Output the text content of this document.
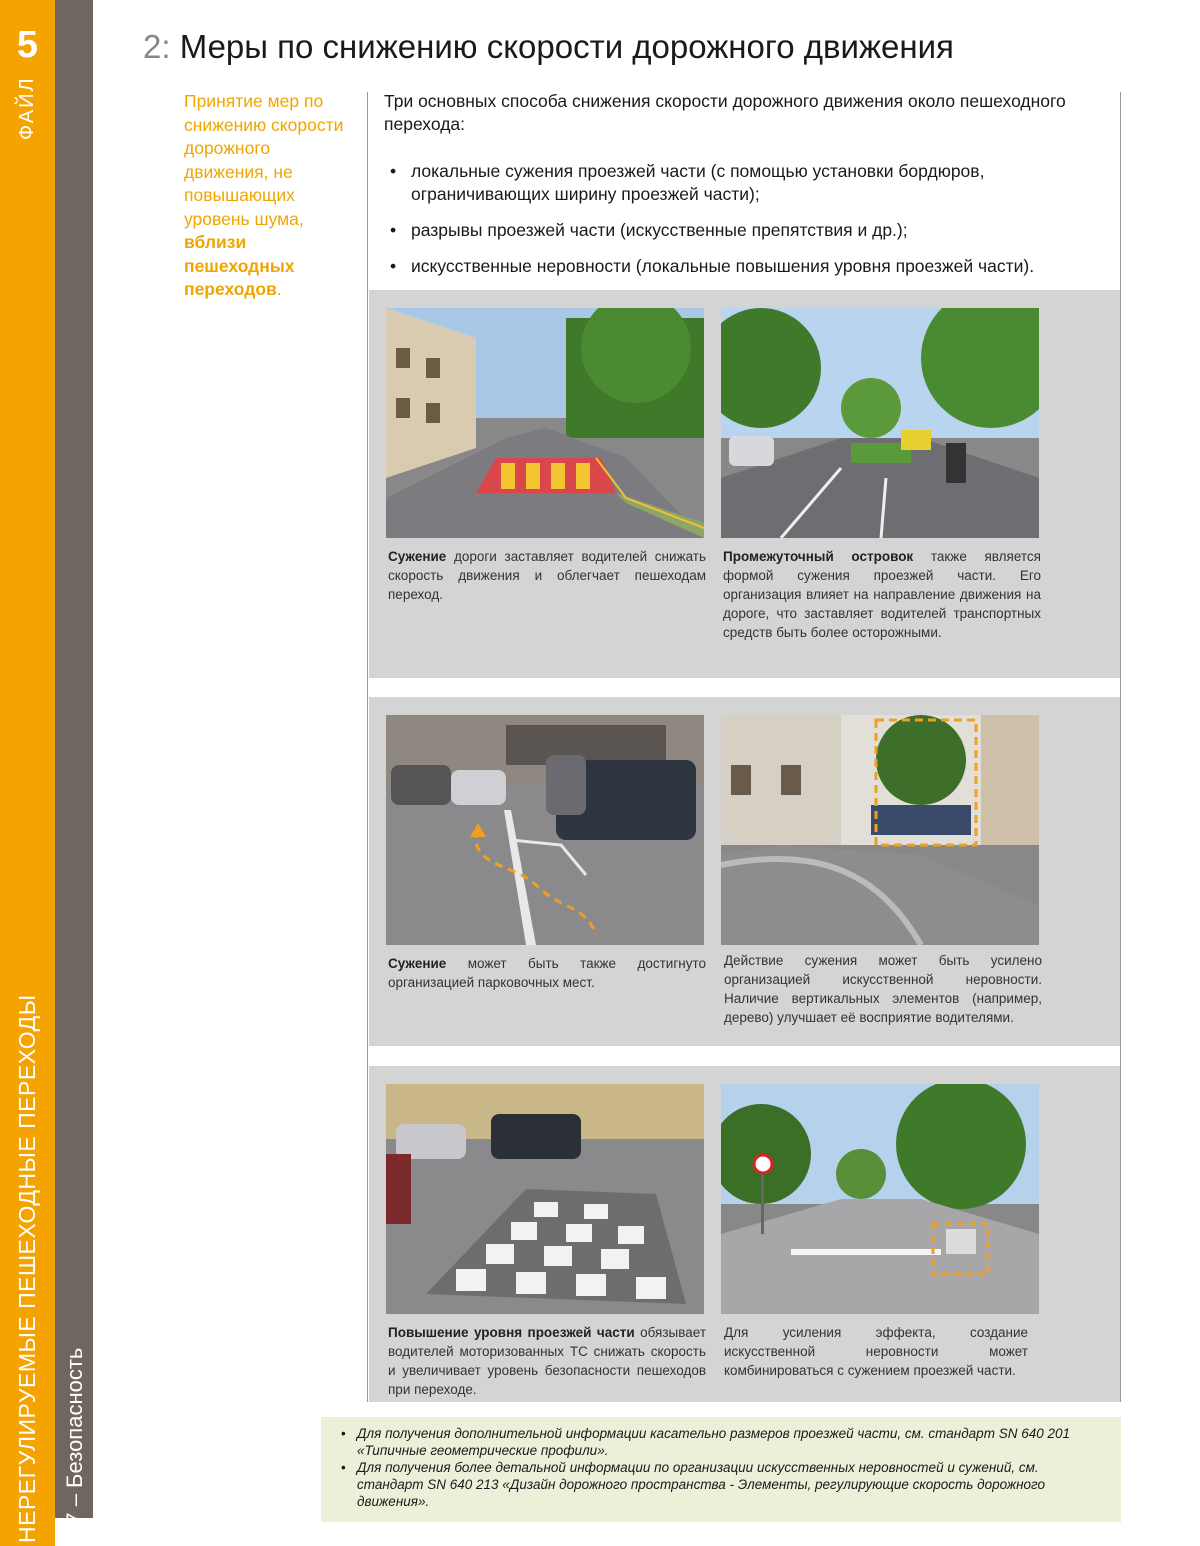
5
ФАЙЛ
НЕРЕГУЛИРУЕМЫЕ ПЕШЕХОДНЫЕ ПЕРЕХОДЫ 5:7 – Безопасность
2: Меры по снижению скорости дорожного движения
Принятие мер по снижению скорости дорожного движения, не повышающих уровень шума, вблизи пешеходных переходов.
Три основных способа снижения скорости дорожного движения около пешеходного перехода:
• локальные сужения проезжей части (с помощью установки бордюров, ограничивающих ширину проезжей части);
• разрывы проезжей части (искусственные препятствия и др.);
• искусственные неровности (локальные повышения уровня проезжей части).
Сужение дороги заставляет водителей снижать скорость движения и облегчает пешеходам переход.
Промежуточный островок также является формой сужения проезжей части. Его организация влияет на направление движения на дороге, что заставляет водителей транспортных средств быть более осторожными.
Сужение может быть также достигнуто организацией парковочных мест.
Действие сужения может быть усилено организацией искусственной неровности. Наличие вертикальных элементов (например, дерево) улучшает её восприятие водителями.
Повышение уровня проезжей части обязывает водителей моторизованных ТС снижать скорость и увеличивает уровень безопасности пешеходов при переходе.
Для усиления эффекта, создание искусственной неровности может комбинироваться с сужением проезжей части.
• Для получения дополнительной информации касательно размеров проезжей части, см. стандарт SN 640 201 «Типичные геометрические профили».
• Для получения более детальной информации по организации искусственных неровностей и сужений, см. стандарт SN 640 213 «Дизайн дорожного пространства - Элементы, регулирующие скорость дорожного движения».
